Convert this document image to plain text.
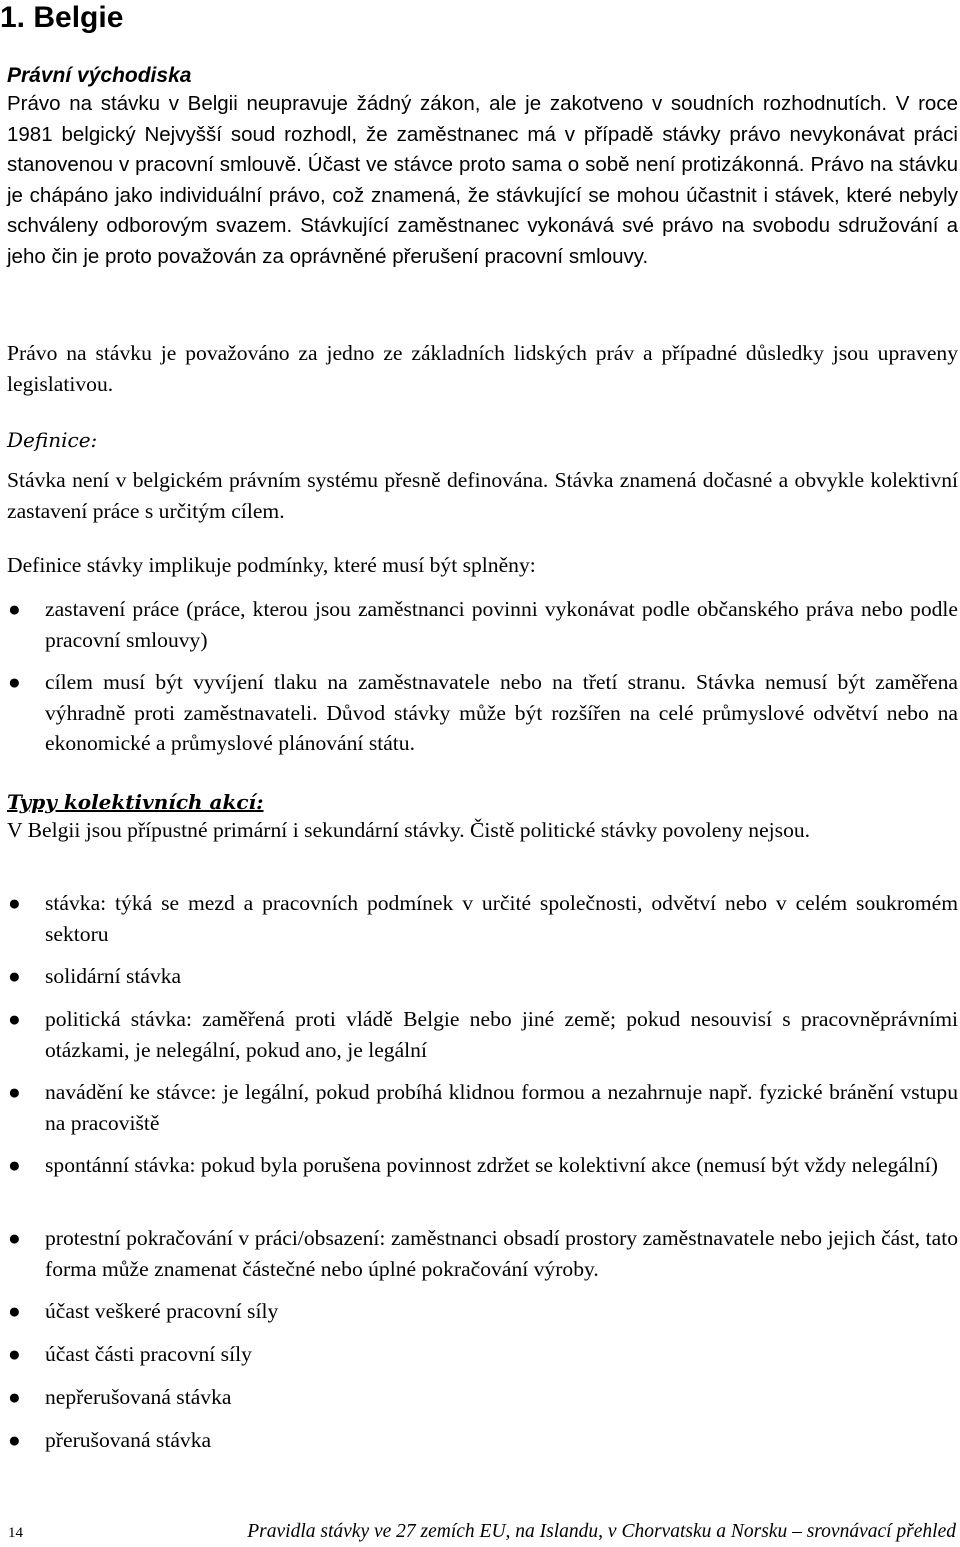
1. Belgie

Právní východiska

Právo na stávku v Belgii neupravuje žádný zákon, ale je zakotveno v soudních rozhodnutích. V roce 1981 belgický Nejvyšší soud rozhodl, že zaměstnanec má v případě stávky právo nevykonávat práci stanovenou v pracovní smlouvě. Účast ve stávce proto sama o sobě není protizákonná. Právo na stávku je chápáno jako individuální právo, což znamená, že stávkující se mohou účastnit i stávek, které nebyly schváleny odborovým svazem. Stávkující zaměstnanec vykonává své právo na svobodu sdružování a jeho čin je proto považován za oprávněné přerušení pracovní smlouvy.

Právo na stávku je považováno za jedno ze základních lidských práv a případné důsledky jsou upraveny legislativou.

Definice:

Stávka není v belgickém právním systému přesně definována. Stávka znamená dočasné a obvykle kolektivní zastavení práce s určitým cílem.

Definice stávky implikuje podmínky, které musí být splněny:

● zastavení práce (práce, kterou jsou zaměstnanci povinni vykonávat podle občanského práva nebo podle pracovní smlouvy)
● cílem musí být vyvíjení tlaku na zaměstnavatele nebo na třetí stranu. Stávka nemusí být zaměřena výhradně proti zaměstnavateli. Důvod stávky může být rozšířen na celé průmyslové odvětví nebo na ekonomické a průmyslové plánování státu.

Typy kolektivních akcí:

V Belgii jsou přípustné primární i sekundární stávky. Čistě politické stávky povoleny nejsou.

● stávka: týká se mezd a pracovních podmínek v určité společnosti, odvětví nebo v celém soukromém sektoru
● solidární stávka
● politická stávka: zaměřená proti vládě Belgie nebo jiné země; pokud nesouvisí s pracovněprávními otázkami, je nelegální, pokud ano, je legální
● navádění ke stávce: je legální, pokud probíhá klidnou formou a nezahrnuje např. fyzické bránění vstupu na pracoviště
● spontánní stávka: pokud byla porušena povinnost zdržet se kolektivní akce (nemusí být vždy nelegální)
● protestní pokračování v práci/obsazení: zaměstnanci obsadí prostory zaměstnavatele nebo jejich část, tato forma může znamenat částečné nebo úplné pokračování výroby.
● účast veškeré pracovní síly
● účast části pracovní síly
● nepřerušovaná stávka
● přerušovaná stávka
14	Pravidla stávky ve 27 zemích EU, na Islandu, v Chorvatsku a Norsku – srovnávací přehled
